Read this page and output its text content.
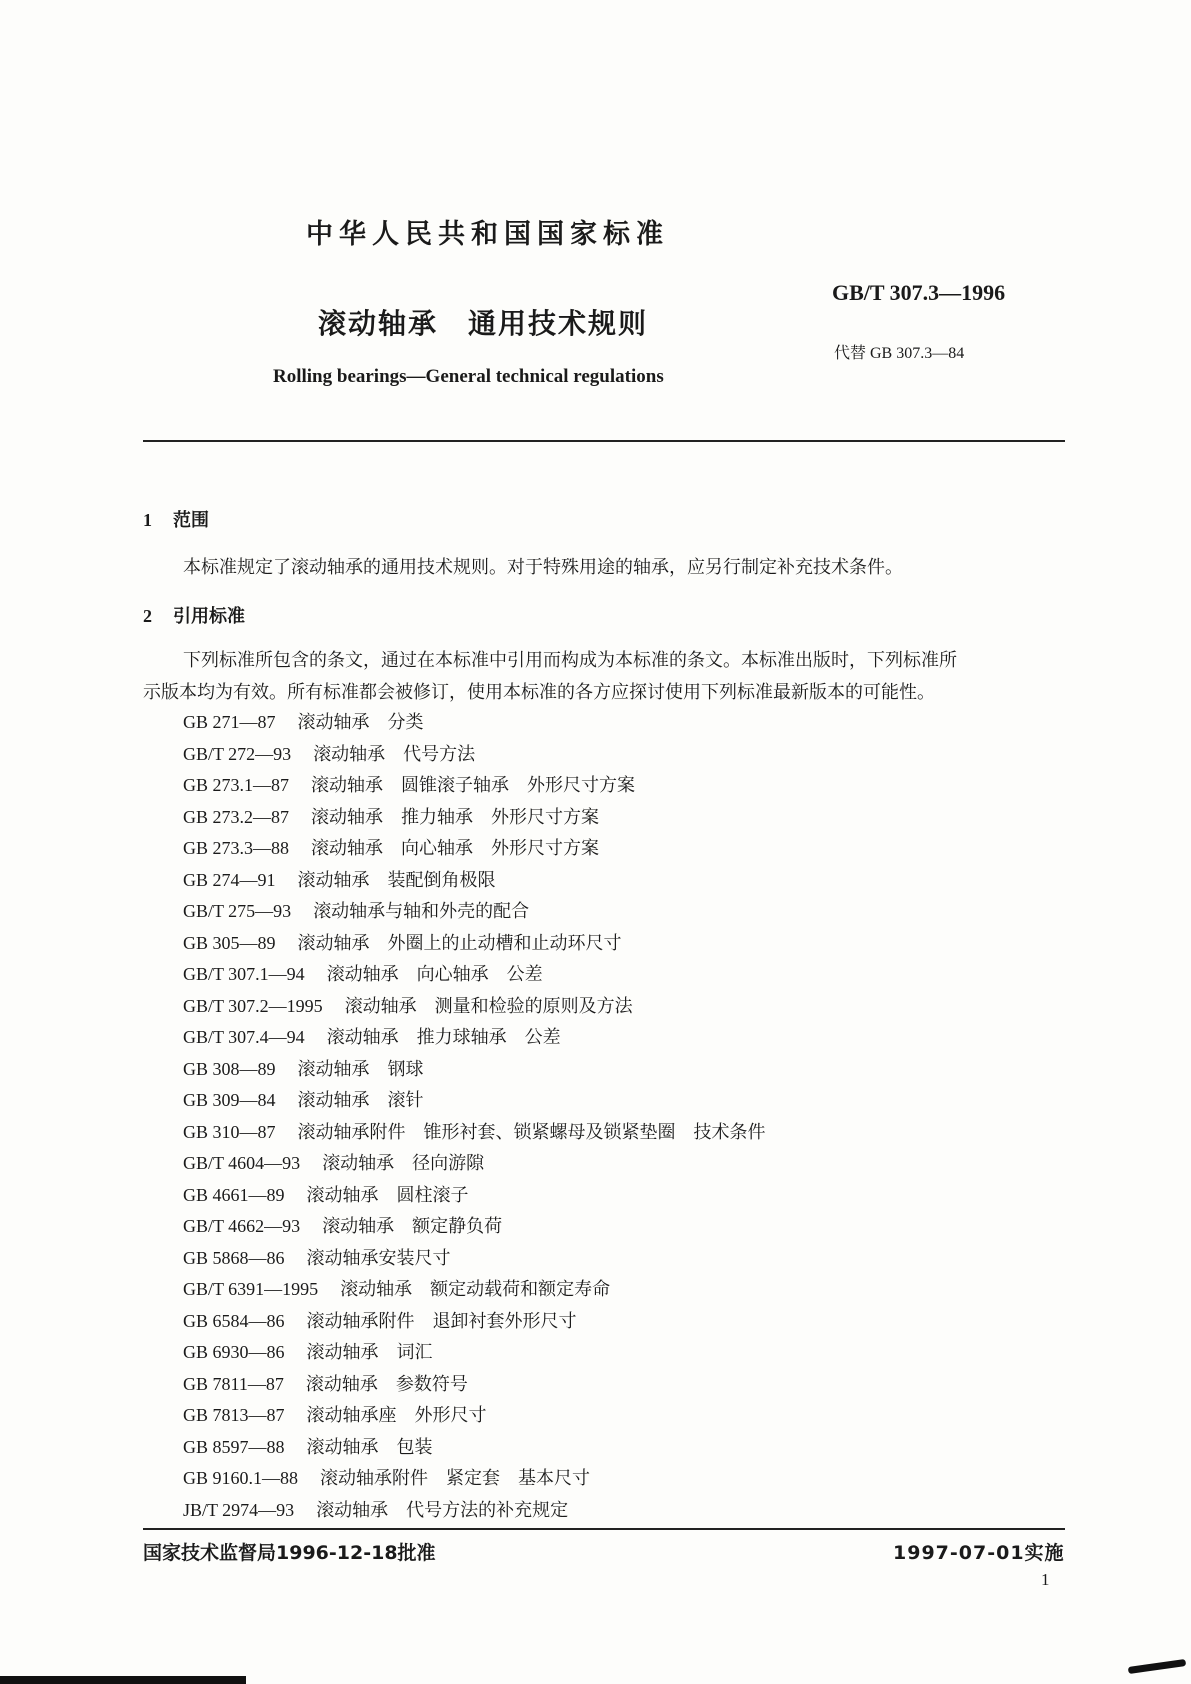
中华人民共和国国家标准
GB/T 307.3—1996
滚动轴承　通用技术规则
代替 GB 307.3—84
Rolling bearings—General technical regulations
1 范围
本标准规定了滚动轴承的通用技术规则。对于特殊用途的轴承，应另行制定补充技术条件。
2 引用标准
下列标准所包含的条文，通过在本标准中引用而构成为本标准的条文。本标准出版时，下列标准所
示版本均为有效。所有标准都会被修订，使用本标准的各方应探讨使用下列标准最新版本的可能性。
GB 271—87 滚动轴承　分类
GB/T 272—93 滚动轴承　代号方法
GB 273.1—87 滚动轴承　圆锥滚子轴承　外形尺寸方案
GB 273.2—87 滚动轴承　推力轴承　外形尺寸方案
GB 273.3—88 滚动轴承　向心轴承　外形尺寸方案
GB 274—91 滚动轴承　装配倒角极限
GB/T 275—93 滚动轴承与轴和外壳的配合
GB 305—89 滚动轴承　外圈上的止动槽和止动环尺寸
GB/T 307.1—94 滚动轴承　向心轴承　公差
GB/T 307.2—1995 滚动轴承　测量和检验的原则及方法
GB/T 307.4—94 滚动轴承　推力球轴承　公差
GB 308—89 滚动轴承　钢球
GB 309—84 滚动轴承　滚针
GB 310—87 滚动轴承附件　锥形衬套、锁紧螺母及锁紧垫圈　技术条件
GB/T 4604—93 滚动轴承　径向游隙
GB 4661—89 滚动轴承　圆柱滚子
GB/T 4662—93 滚动轴承　额定静负荷
GB 5868—86 滚动轴承安装尺寸
GB/T 6391—1995 滚动轴承　额定动载荷和额定寿命
GB 6584—86 滚动轴承附件　退卸衬套外形尺寸
GB 6930—86 滚动轴承　词汇
GB 7811—87 滚动轴承　参数符号
GB 7813—87 滚动轴承座　外形尺寸
GB 8597—88 滚动轴承　包装
GB 9160.1—88 滚动轴承附件　紧定套　基本尺寸
JB/T 2974—93 滚动轴承　代号方法的补充规定
国家技术监督局1996-12-18批准	1997-07-01实施
1
